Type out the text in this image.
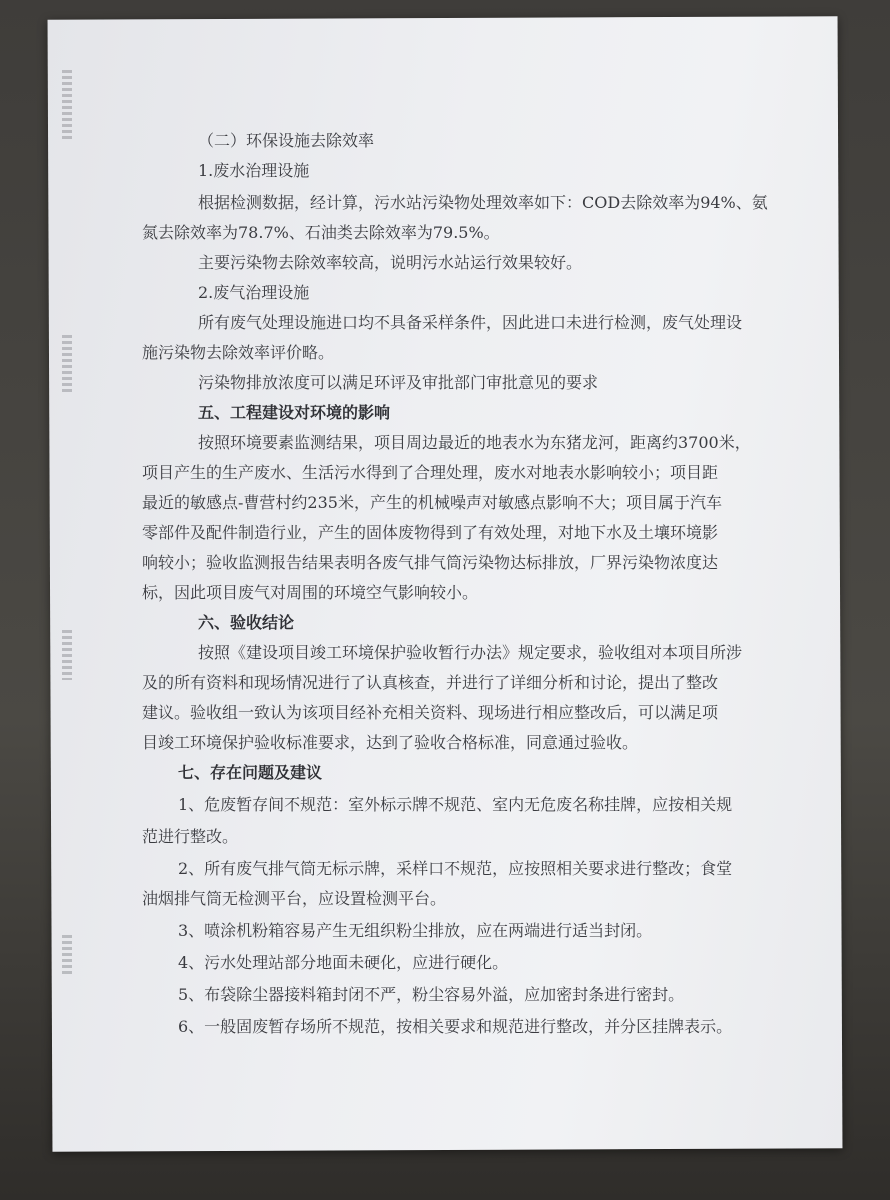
（二）环保设施去除效率
1.废水治理设施
根据检测数据，经计算，污水站污染物处理效率如下：COD去除效率为94%、氨
氮去除效率为78.7%、石油类去除效率为79.5%。
主要污染物去除效率较高，说明污水站运行效果较好。
2.废气治理设施
所有废气处理设施进口均不具备采样条件，因此进口未进行检测，废气处理设
施污染物去除效率评价略。
污染物排放浓度可以满足环评及审批部门审批意见的要求
五、工程建设对环境的影响
按照环境要素监测结果，项目周边最近的地表水为东猪龙河，距离约3700米，
项目产生的生产废水、生活污水得到了合理处理，废水对地表水影响较小；项目距
最近的敏感点-曹营村约235米，产生的机械噪声对敏感点影响不大；项目属于汽车
零部件及配件制造行业，产生的固体废物得到了有效处理，对地下水及土壤环境影
响较小；验收监测报告结果表明各废气排气筒污染物达标排放，厂界污染物浓度达
标，因此项目废气对周围的环境空气影响较小。
六、验收结论
按照《建设项目竣工环境保护验收暂行办法》规定要求，验收组对本项目所涉
及的所有资料和现场情况进行了认真核查，并进行了详细分析和讨论，提出了整改
建议。验收组一致认为该项目经补充相关资料、现场进行相应整改后，可以满足项
目竣工环境保护验收标准要求，达到了验收合格标准，同意通过验收。
七、存在问题及建议
1、危废暂存间不规范：室外标示牌不规范、室内无危废名称挂牌，应按相关规
范进行整改。
2、所有废气排气筒无标示牌，采样口不规范，应按照相关要求进行整改；食堂
油烟排气筒无检测平台，应设置检测平台。
3、喷涂机粉箱容易产生无组织粉尘排放，应在两端进行适当封闭。
4、污水处理站部分地面未硬化，应进行硬化。
5、布袋除尘器接料箱封闭不严，粉尘容易外溢，应加密封条进行密封。
6、一般固废暂存场所不规范，按相关要求和规范进行整改，并分区挂牌表示。
